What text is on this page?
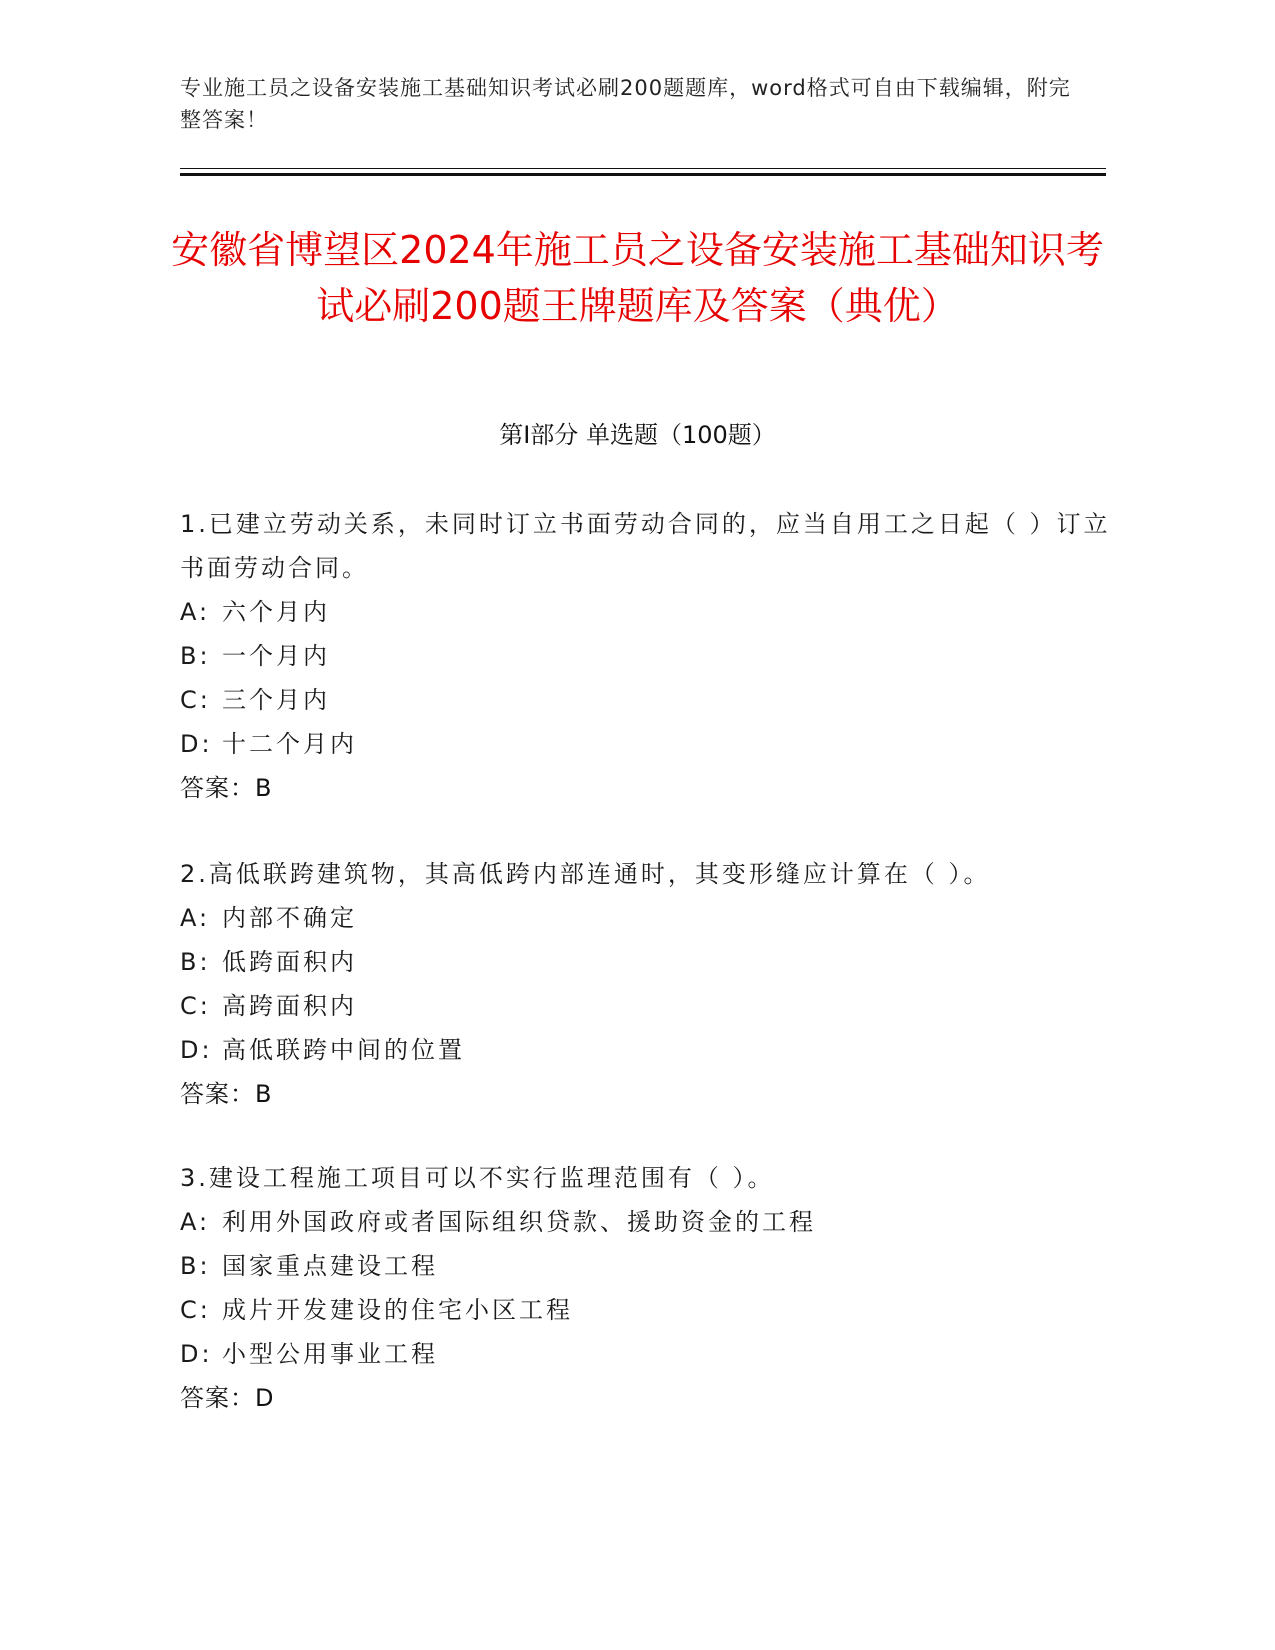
专业施工员之设备安装施工基础知识考试必刷200题题库，word格式可自由下载编辑，附完整答案！
安徽省博望区2024年施工员之设备安装施工基础知识考试必刷200题王牌题库及答案（典优）
第I部分 单选题（100题）

1.已建立劳动关系，未同时订立书面劳动合同的，应当自用工之日起（ ）订立书面劳动合同。

A: 六个月内

B: 一个月内

C: 三个月内

D: 十二个月内

答案：B

2.高低联跨建筑物，其高低跨内部连通时，其变形缝应计算在（ ）。

A: 内部不确定

B: 低跨面积内

C: 高跨面积内

D: 高低联跨中间的位置

答案：B

3.建设工程施工项目可以不实行监理范围有（ ）。

A: 利用外国政府或者国际组织贷款、援助资金的工程

B: 国家重点建设工程

C: 成片开发建设的住宅小区工程

D: 小型公用事业工程

答案：D
